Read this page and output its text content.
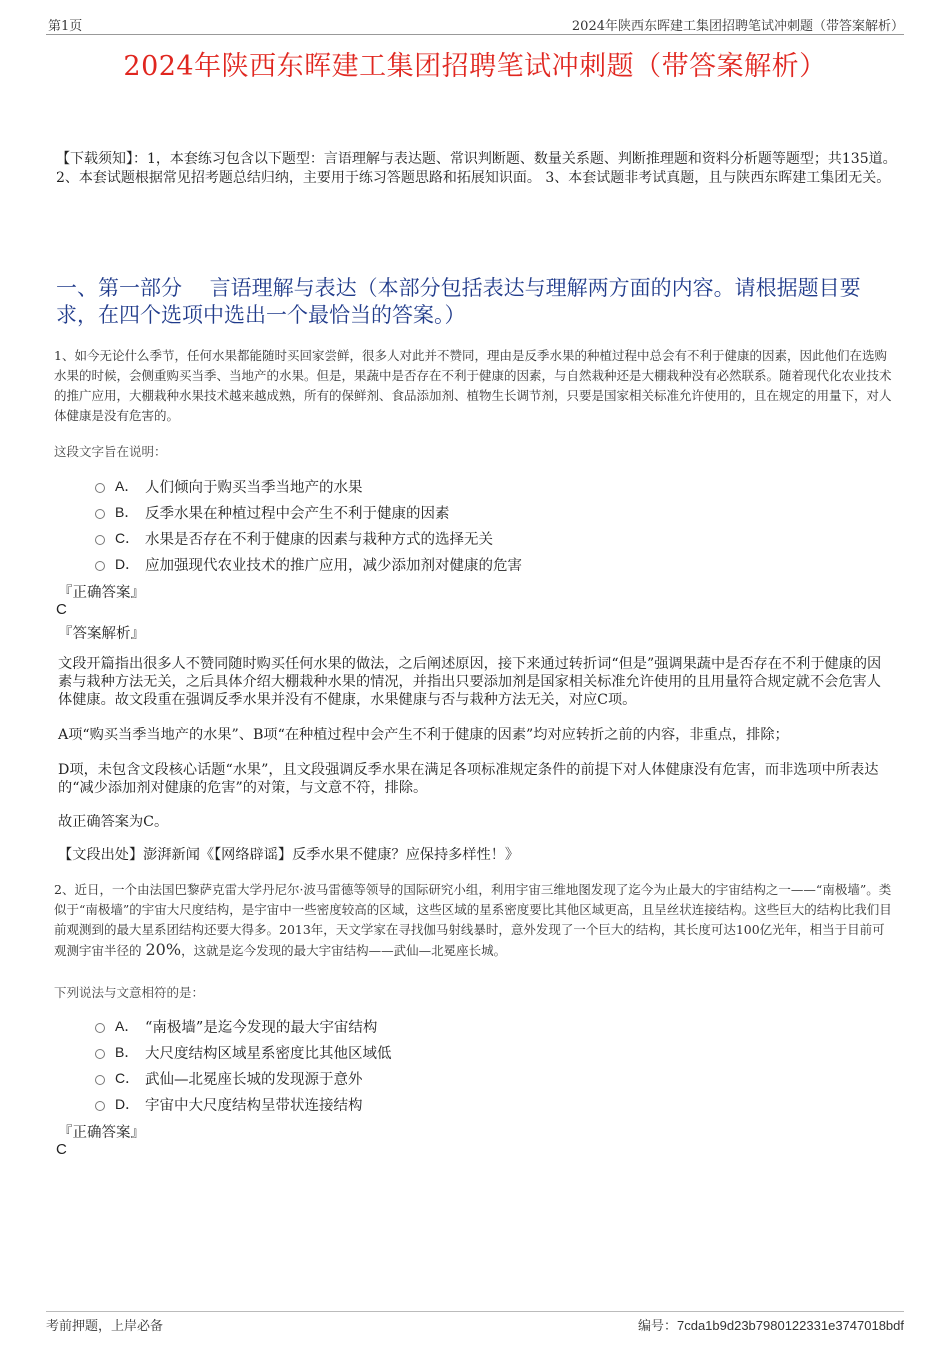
第1页	2024年陕西东晖建工集团招聘笔试冲刺题（带答案解析）
2024年陕西东晖建工集团招聘笔试冲刺题（带答案解析）
【下载须知】：1，本套练习包含以下题型：言语理解与表达题、常识判断题、数量关系题、判断推理题和资料分析题等题型；共135道。 2、本套试题根据常见招考题总结归纳，主要用于练习答题思路和拓展知识面。 3、本套试题非考试真题，且与陕西东晖建工集团无关。
一、第一部分　 言语理解与表达（本部分包括表达与理解两方面的内容。请根据题目要求，在四个选项中选出一个最恰当的答案。）
1、如今无论什么季节，任何水果都能随时买回家尝鲜，很多人对此并不赞同，理由是反季水果的种植过程中总会有不利于健康的因素，因此他们在选购水果的时候，会侧重购买当季、当地产的水果。但是，果蔬中是否存在不利于健康的因素，与自然栽种还是大棚栽种没有必然联系。随着现代化农业技术的推广应用，大棚栽种水果技术越来越成熟，所有的保鲜剂、食品添加剂、植物生长调节剂，只要是国家相关标准允许使用的，且在规定的用量下，对人体健康是没有危害的。
这段文字旨在说明：
A． 人们倾向于购买当季当地产的水果
B． 反季水果在种植过程中会产生不利于健康的因素
C． 水果是否存在不利于健康的因素与栽种方式的选择无关
D． 应加强现代农业技术的推广应用，减少添加剂对健康的危害
『正确答案』
C
『答案解析』
文段开篇指出很多人不赞同随时购买任何水果的做法，之后阐述原因，接下来通过转折词“但是”强调果蔬中是否存在不利于健康的因素与栽种方法无关，之后具体介绍大棚栽种水果的情况，并指出只要添加剂是国家相关标准允许使用的且用量符合规定就不会危害人体健康。故文段重在强调反季水果并没有不健康，水果健康与否与栽种方法无关，对应C项。
A项“购买当季当地产的水果”、B项“在种植过程中会产生不利于健康的因素”均对应转折之前的内容，非重点，排除；
D项，未包含文段核心话题“水果”，且文段强调反季水果在满足各项标准规定条件的前提下对人体健康没有危害，而非选项中所表达的“减少添加剂对健康的危害”的对策，与文意不符，排除。
故正确答案为C。
【文段出处】澎湃新闻《【网络辟谣】反季水果不健康？应保持多样性！》
2、近日，一个由法国巴黎萨克雷大学丹尼尔·波马雷德等领导的国际研究小组，利用宇宙三维地图发现了迄今为止最大的宇宙结构之一——“南极墙”。类似于“南极墙”的宇宙大尺度结构，是宇宙中一些密度较高的区域，这些区域的星系密度要比其他区域更高，且呈丝状连接结构。这些巨大的结构比我们目前观测到的最大星系团结构还要大得多。2013年，天文学家在寻找伽马射线暴时，意外发现了一个巨大的结构，其长度可达100亿光年，相当于目前可观测宇宙半径的 20%，这就是迄今发现的最大宇宙结构——武仙—北冕座长城。
下列说法与文意相符的是：
A． “南极墙”是迄今发现的最大宇宙结构
B． 大尺度结构区域星系密度比其他区域低
C． 武仙—北冕座长城的发现源于意外
D． 宇宙中大尺度结构呈带状连接结构
『正确答案』
C
考前押题，上岸必备	编号：7cda1b9d23b7980122331e3747018bdf
